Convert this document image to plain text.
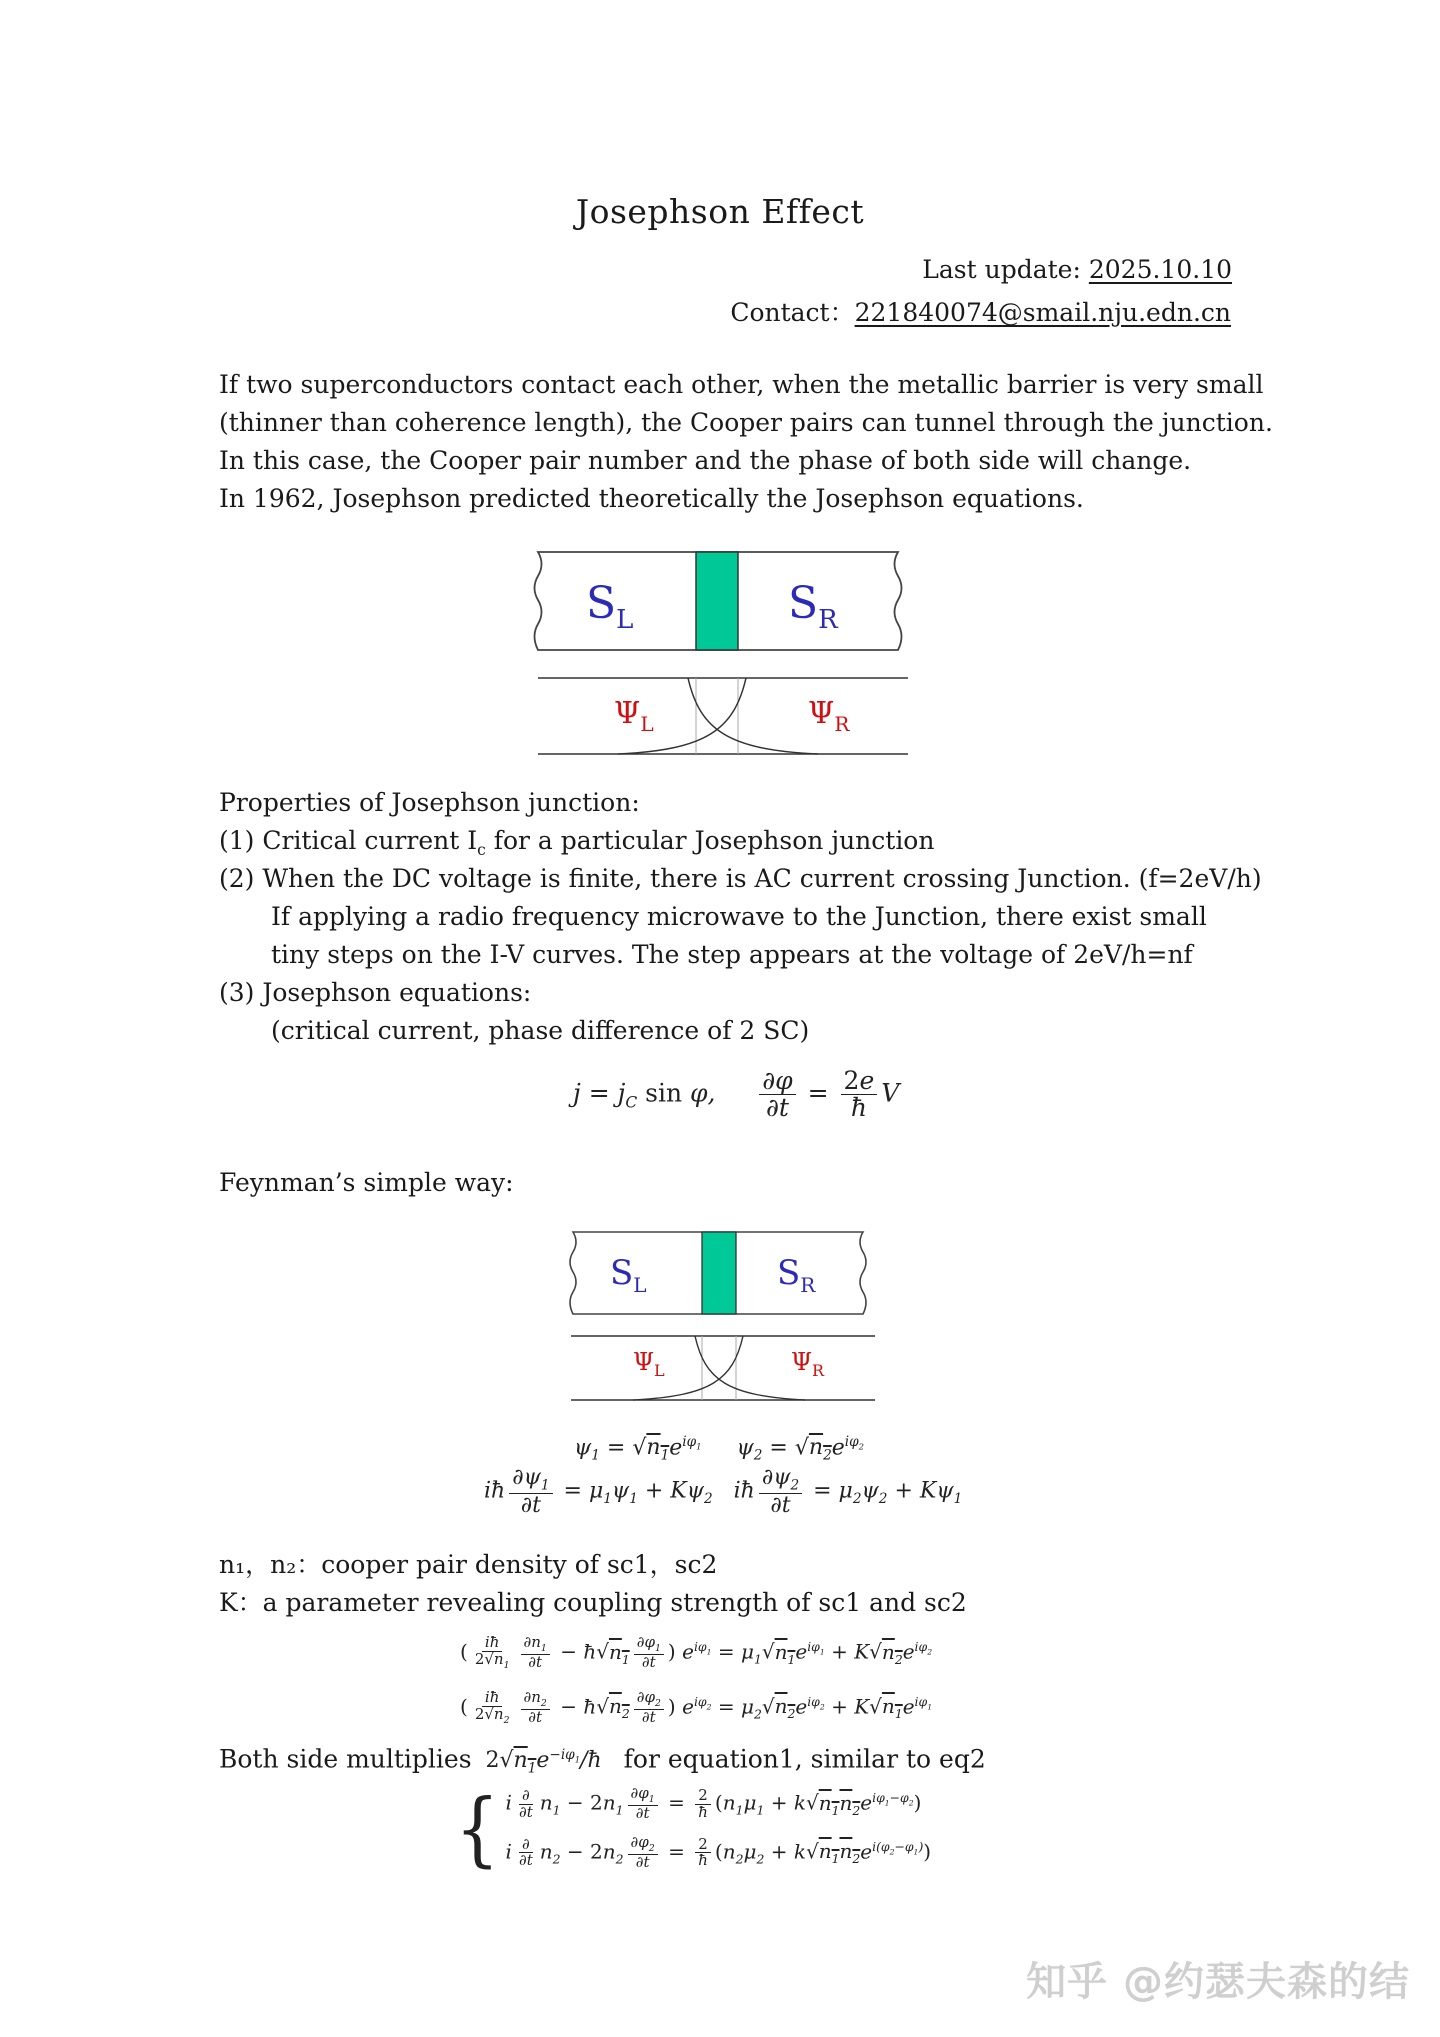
Josephson Effect
Last update: 2025.10.10
Contact：221840074@smail.nju.edn.cn
If two superconductors contact each other, when the metallic barrier is very small
(thinner than coherence length), the Cooper pairs can tunnel through the junction.
In this case, the Cooper pair number and the phase of both side will change.
In 1962, Josephson predicted theoretically the Josephson equations.
$S_L$	$S_R$
$\Psi_L$	$\Psi_R$
Properties of Josephson junction:
(1) Critical current $I_c$ for a particular Josephson junction
(2) When the DC voltage is finite, there is AC current crossing Junction. (f=2eV/h)
If applying a radio frequency microwave to the Junction, there exist small
tiny steps on the I-V curves. The step appears at the voltage of 2eV/h=nf
(3) Josephson equations:
(critical current, phase difference of 2 SC)
$j = j_C$ sin φ, $\frac{\partial\varphi}{\partial t} = \frac{2e}{ħ}$ V
Feynman’s simple way:
$S_L$	$S_R$
$\Psi_L$	$\Psi_R$
$\psi_1 = √n_1e^{i\varphi_1}$     $\psi_2 = √n_2e^{i\varphi_2}$
iħ $\frac{\partial\psi_1}{\partial t} = \mu_1\psi_1 + K\psi_2$   iħ $\frac{\partial\psi_2}{\partial t} = \mu_2\psi_2 + K\psi_1$
n₁，n₂：cooper pair density of sc1，sc2
K：a parameter revealing coupling strength of sc1 and sc2
( $\frac{iħ}{2√n_1} \frac{\partial n_1}{\partial t}$ − $ħ√n_1 \frac{\partial\varphi_1}{\partial t}$ ) $e^{i\varphi_1} = \mu_1√n_1e^{i\varphi_1} + K√n_2e^{i\varphi_2}$
( $\frac{iħ}{2√n_2} \frac{\partial n_2}{\partial t}$ − $ħ√n_2 \frac{\partial\varphi_2}{\partial t}$ ) $e^{i\varphi_2} = \mu_2√n_2e^{i\varphi_2} + K√n_1e^{i\varphi_1}$
Both side multiplies $2√n_1e^{-i\varphi_1}/ħ$ for equation1, similar to eq2
{ i $\frac{\partial}{\partial t} n_1 - 2n_1 \frac{\partial\varphi_1}{\partial t} = \frac{2}{ħ} (n_1\mu_1 + k√n_1n_2e^{i\varphi_1-\varphi_2})$
i $\frac{\partial}{\partial t} n_2 - 2n_2 \frac{\partial\varphi_2}{\partial t} = \frac{2}{ħ} (n_2\mu_2 + k√n_1n_2e^{i(\varphi_2-\varphi_1)})$
知乎 @约瑟夫森的结
